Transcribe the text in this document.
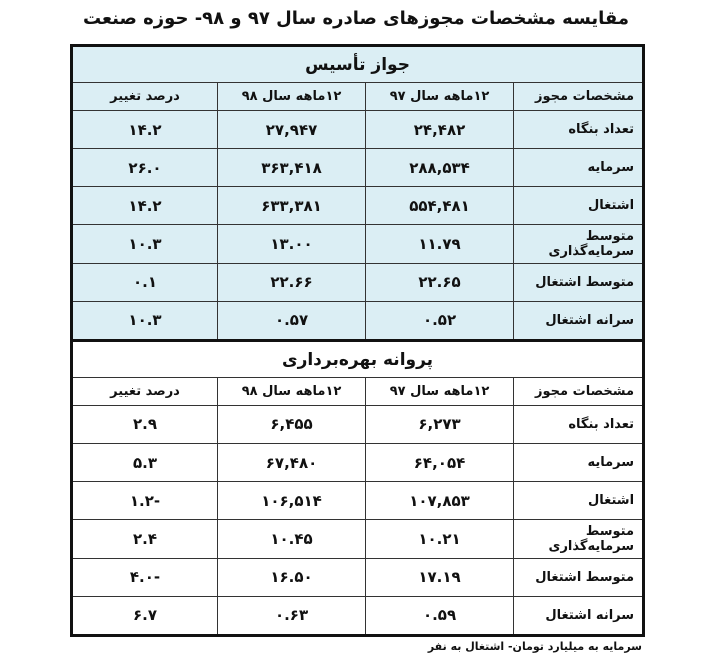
مقایسه مشخصات مجوزهای صادره سال ۹۷ و ۹۸- حوزه صنعت
جواز تأسیس			
مشخصات مجوز	۱۲ماهه سال ۹۷	۱۲ماهه سال ۹۸	درصد تغییر
تعداد بنگاه	۲۴,۴۸۲	۲۷,۹۴۷	۱۴.۲
سرمایه	۲۸۸,۵۳۴	۳۶۳,۴۱۸	۲۶.۰
اشتغال	۵۵۴,۴۸۱	۶۳۳,۳۸۱	۱۴.۲
متوسط سرمایه‌گذاری	۱۱.۷۹	۱۳.۰۰	۱۰.۳
متوسط اشتغال	۲۲.۶۵	۲۲.۶۶	۰.۱
سرانه اشتغال	۰.۵۲	۰.۵۷	۱۰.۳
پروانه بهره‌برداری			
مشخصات مجوز	۱۲ماهه سال ۹۷	۱۲ماهه سال ۹۸	درصد تغییر
تعداد بنگاه	۶,۲۷۳	۶,۴۵۵	۲.۹
سرمایه	۶۴,۰۵۴	۶۷,۴۸۰	۵.۳
اشتغال	۱۰۷,۸۵۳	۱۰۶,۵۱۴	-۱.۲
متوسط سرمایه‌گذاری	۱۰.۲۱	۱۰.۴۵	۲.۴
متوسط اشتغال	۱۷.۱۹	۱۶.۵۰	-۴.۰
سرانه اشتغال	۰.۵۹	۰.۶۳	۶.۷
سرمایه به میلیارد تومان- اشتغال به نفر
